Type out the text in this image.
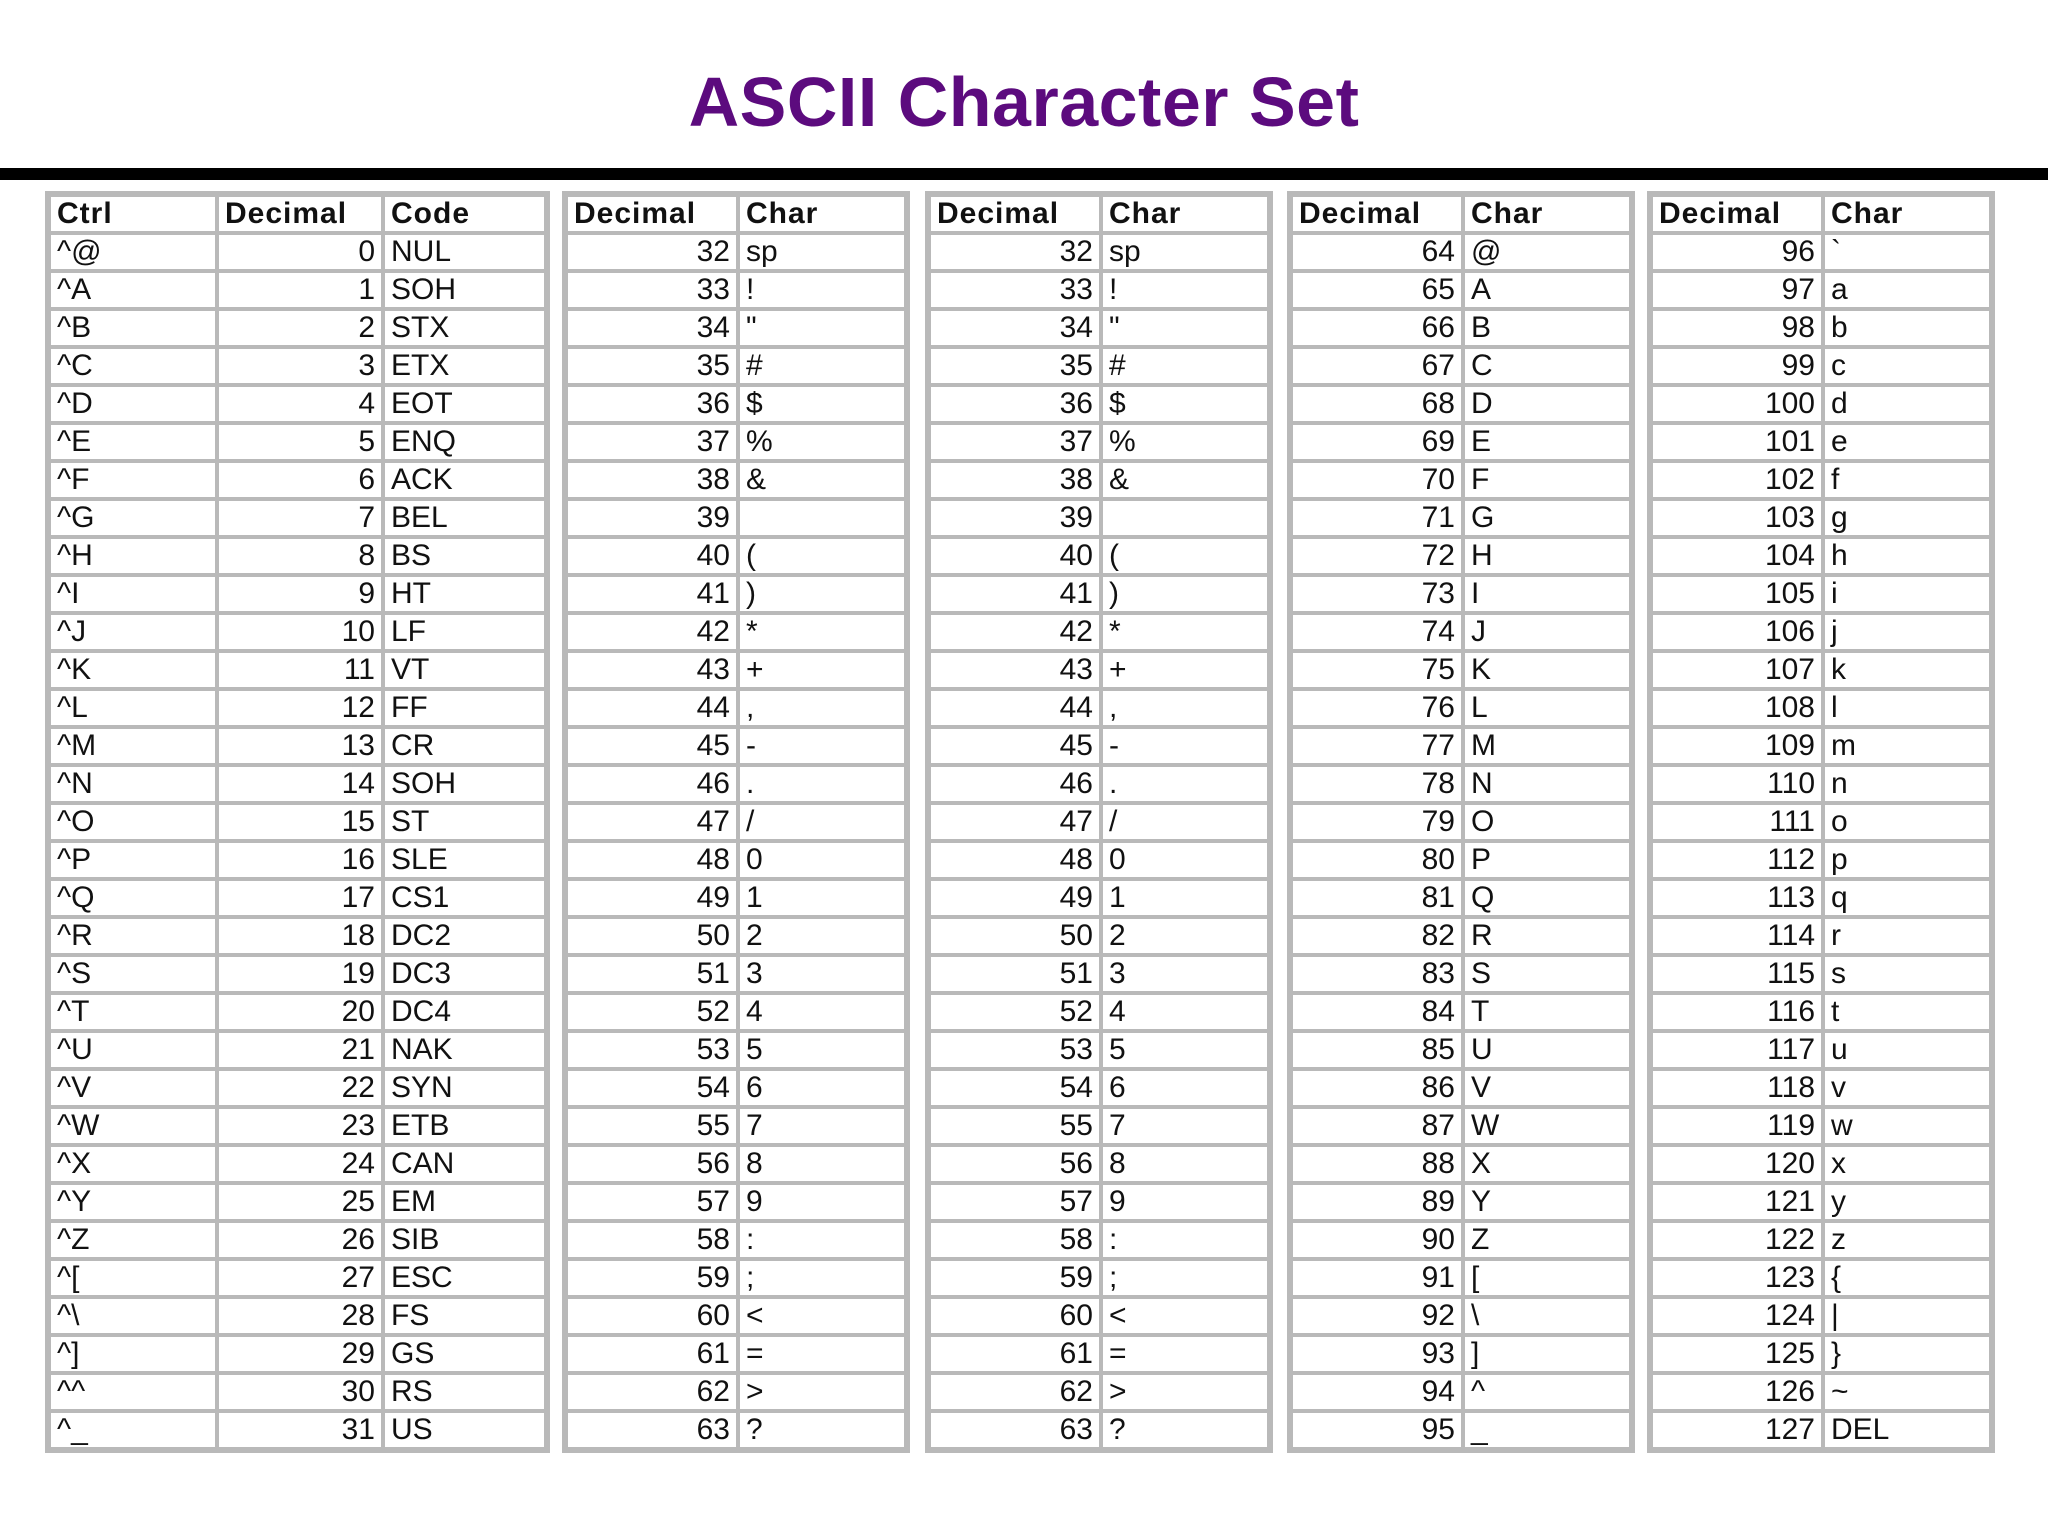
ASCII Character Set
Ctrl	Decimal	Code
^@	0	NUL
^A	1	SOH
^B	2	STX
^C	3	ETX
^D	4	EOT
^E	5	ENQ
^F	6	ACK
^G	7	BEL
^H	8	BS
^I	9	HT
^J	10	LF
^K	11	VT
^L	12	FF
^M	13	CR
^N	14	SOH
^O	15	ST
^P	16	SLE
^Q	17	CS1
^R	18	DC2
^S	19	DC3
^T	20	DC4
^U	21	NAK
^V	22	SYN
^W	23	ETB
^X	24	CAN
^Y	25	EM
^Z	26	SIB
^[	27	ESC
^\	28	FS
^]	29	GS
^^	30	RS
^_	31	US
Decimal	Char
32	sp
33	!
34	"
35	#
36	$
37	%
38	&
39	
40	(
41	)
42	*
43	+
44	,
45	-
46	.
47	/
48	0
49	1
50	2
51	3
52	4
53	5
54	6
55	7
56	8
57	9
58	:
59	;
60	<
61	=
62	>
63	?
Decimal	Char
32	sp
33	!
34	"
35	#
36	$
37	%
38	&
39	
40	(
41	)
42	*
43	+
44	,
45	-
46	.
47	/
48	0
49	1
50	2
51	3
52	4
53	5
54	6
55	7
56	8
57	9
58	:
59	;
60	<
61	=
62	>
63	?
Decimal	Char
64	@
65	A
66	B
67	C
68	D
69	E
70	F
71	G
72	H
73	I
74	J
75	K
76	L
77	M
78	N
79	O
80	P
81	Q
82	R
83	S
84	T
85	U
86	V
87	W
88	X
89	Y
90	Z
91	[
92	\
93	]
94	^
95	_
Decimal	Char
96	`
97	a
98	b
99	c
100	d
101	e
102	f
103	g
104	h
105	i
106	j
107	k
108	l
109	m
110	n
111	o
112	p
113	q
114	r
115	s
116	t
117	u
118	v
119	w
120	x
121	y
122	z
123	{
124	|
125	}
126	~
127	DEL
